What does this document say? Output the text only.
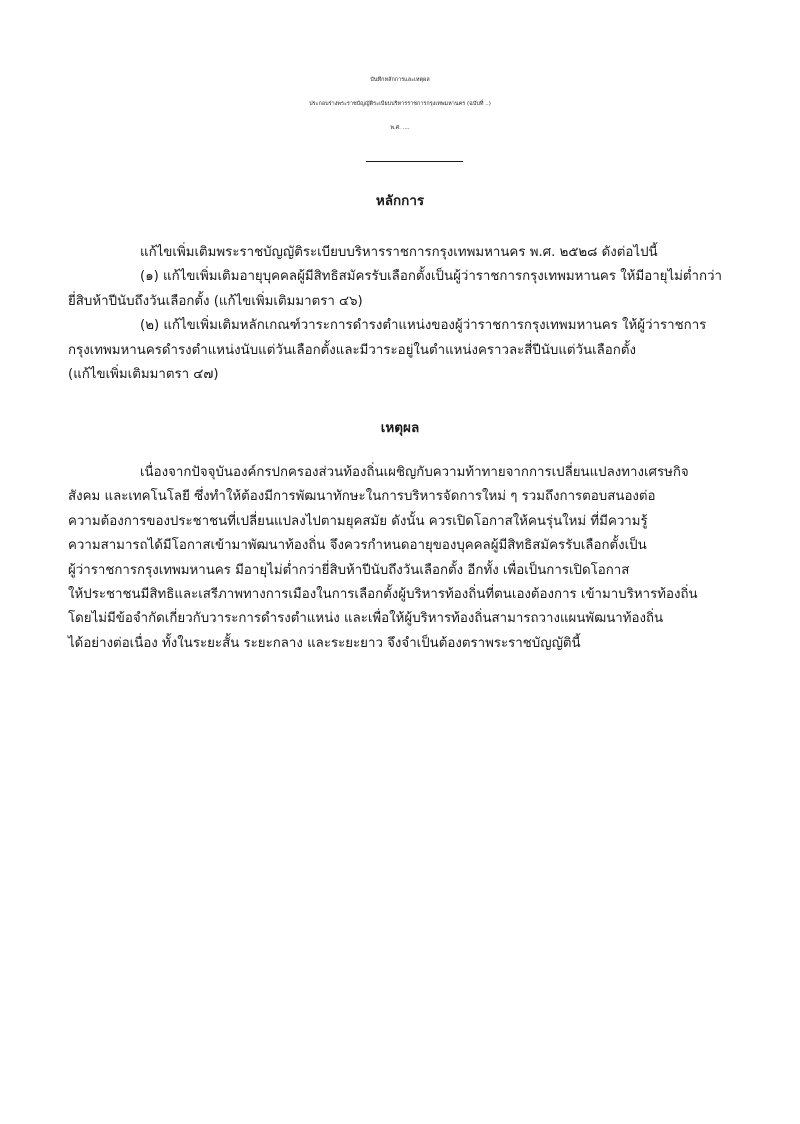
บันทึกหลักการและเหตุผล
ประกอบร่างพระราชบัญญัติระเบียบบริหารราชการกรุงเทพมหานคร (ฉบับที่ ..)
พ.ศ. ....
หลักการ
แก้ไขเพิ่มเติมพระราชบัญญัติระเบียบบริหารราชการกรุงเทพมหานคร พ.ศ. ๒๕๒๘ ดังต่อไปนี้
(๑) แก้ไขเพิ่มเติมอายุบุคคลผู้มีสิทธิสมัครรับเลือกตั้งเป็นผู้ว่าราชการกรุงเทพมหานคร ให้มีอายุไม่ต่ำกว่า
ยี่สิบห้าปีนับถึงวันเลือกตั้ง (แก้ไขเพิ่มเติมมาตรา ๔๖)
(๒) แก้ไขเพิ่มเติมหลักเกณฑ์วาระการดำรงตำแหน่งของผู้ว่าราชการกรุงเทพมหานคร ให้ผู้ว่าราชการ
กรุงเทพมหานครดำรงตำแหน่งนับแต่วันเลือกตั้งและมีวาระอยู่ในตำแหน่งคราวละสี่ปีนับแต่วันเลือกตั้ง
(แก้ไขเพิ่มเติมมาตรา ๔๗)
เหตุผล
เนื่องจากปัจจุบันองค์กรปกครองส่วนท้องถิ่นเผชิญกับความท้าทายจากการเปลี่ยนแปลงทางเศรษกิจ
สังคม และเทคโนโลยี ซึ่งทำให้ต้องมีการพัฒนาทักษะในการบริหารจัดการใหม่ ๆ รวมถึงการตอบสนองต่อ
ความต้องการของประชาชนที่เปลี่ยนแปลงไปตามยุคสมัย ดังนั้น ควรเปิดโอกาสให้คนรุ่นใหม่ ที่มีความรู้
ความสามารถได้มีโอกาสเข้ามาพัฒนาท้องถิ่น จึงควรกำหนดอายุของบุคคลผู้มีสิทธิสมัครรับเลือกตั้งเป็น
ผู้ว่าราชการกรุงเทพมหานคร มีอายุไม่ต่ำกว่ายี่สิบห้าปีนับถึงวันเลือกตั้ง อีกทั้ง เพื่อเป็นการเปิดโอกาส
ให้ประชาชนมีสิทธิและเสรีภาพทางการเมืองในการเลือกตั้งผู้บริหารท้องถิ่นที่ตนเองต้องการ เข้ามาบริหารท้องถิ่น
โดยไม่มีข้อจำกัดเกี่ยวกับวาระการดำรงตำแหน่ง และเพื่อให้ผู้บริหารท้องถิ่นสามารถวางแผนพัฒนาท้องถิ่น
ได้อย่างต่อเนื่อง ทั้งในระยะสั้น ระยะกลาง และระยะยาว จึงจำเป็นต้องตราพระราชบัญญัตินี้
